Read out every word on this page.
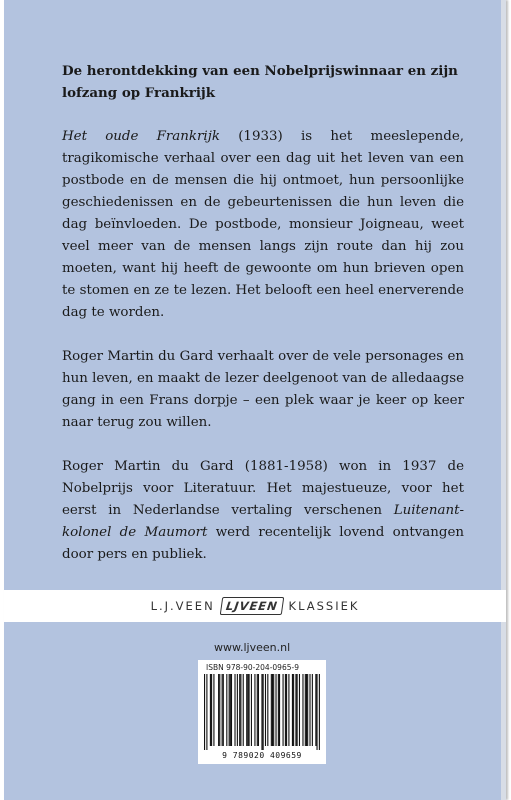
De herontdekking van een Nobelprijswinnaar en zijn lofzang op Frankrijk

Het oude Frankrijk (1933) is het meeslepende, tragikomische verhaal over een dag uit het leven van een postbode en de mensen die hij ontmoet, hun persoonlijke geschiedenissen en de gebeurtenissen die hun leven die dag beïnvloeden. De postbode, monsieur Joigneau, weet veel meer van de mensen langs zijn route dan hij zou moeten, want hij heeft de gewoonte om hun brieven open te stomen en ze te lezen. Het belooft een heel enerverende dag te worden.

Roger Martin du Gard verhaalt over de vele personages en hun leven, en maakt de lezer deelgenoot van de alledaagse gang in een Frans dorpje – een plek waar je keer op keer naar terug zou willen.

Roger Martin du Gard (1881-1958) won in 1937 de Nobelprijs voor Literatuur. Het majestueuze, voor het eerst in Nederlandse vertaling verschenen Luitenant-kolonel de Maumort werd recentelijk lovend ontvangen door pers en publiek.

L.J.VEEN LJVEEN KLASSIEK
www.ljveen.nl
ISBN 978-90-204-0965-9
9 789020 409659
